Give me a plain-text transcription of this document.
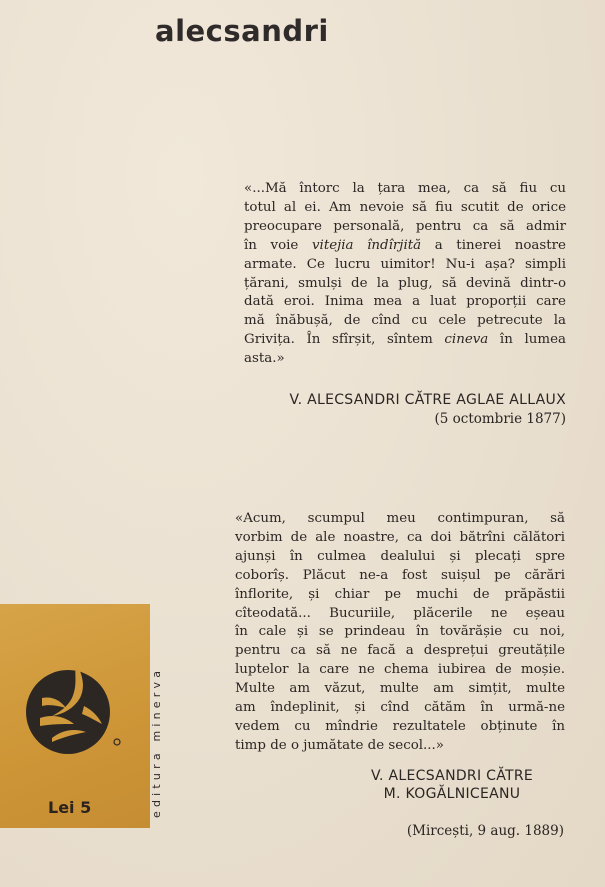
alecsandri
«...Mă întorc la țara mea, ca să fiu cu
totul al ei. Am nevoie să fiu scutit de orice
preocupare personală, pentru ca să admir
în voie vitejia îndîrjită a tinerei noastre
armate. Ce lucru uimitor! Nu-i așa? simpli
țărani, smulși de la plug, să devină dintr-o
dată eroi. Inima mea a luat proporții care
mă înăbușă, de cînd cu cele petrecute la
Grivița. În sfîrșit, sîntem cineva în lumea
asta.»
V. ALECSANDRI CĂTRE AGLAE ALLAUX
(5 octombrie 1877)
«Acum, scumpul meu contimpuran, să
vorbim de ale noastre, ca doi bătrîni călători
ajunși în culmea dealului și plecați spre
coborîș. Plăcut ne-a fost suișul pe cărări
înflorite, și chiar pe muchi de prăpăstii
cîteodată... Bucuriile, plăcerile ne eșeau
în cale și se prindeau în tovărășie cu noi,
pentru ca să ne facă a desprețui greutățile
luptelor la care ne chema iubirea de moșie.
Multe am văzut, multe am simțit, multe
am îndeplinit, și cînd cătăm în urmă-ne
vedem cu mîndrie rezultatele obținute în
timp de o jumătate de secol...»
V. ALECSANDRI CĂTRE
M. KOGĂLNICEANU
(Mircești, 9 aug. 1889)
Lei 5	editura minerva
